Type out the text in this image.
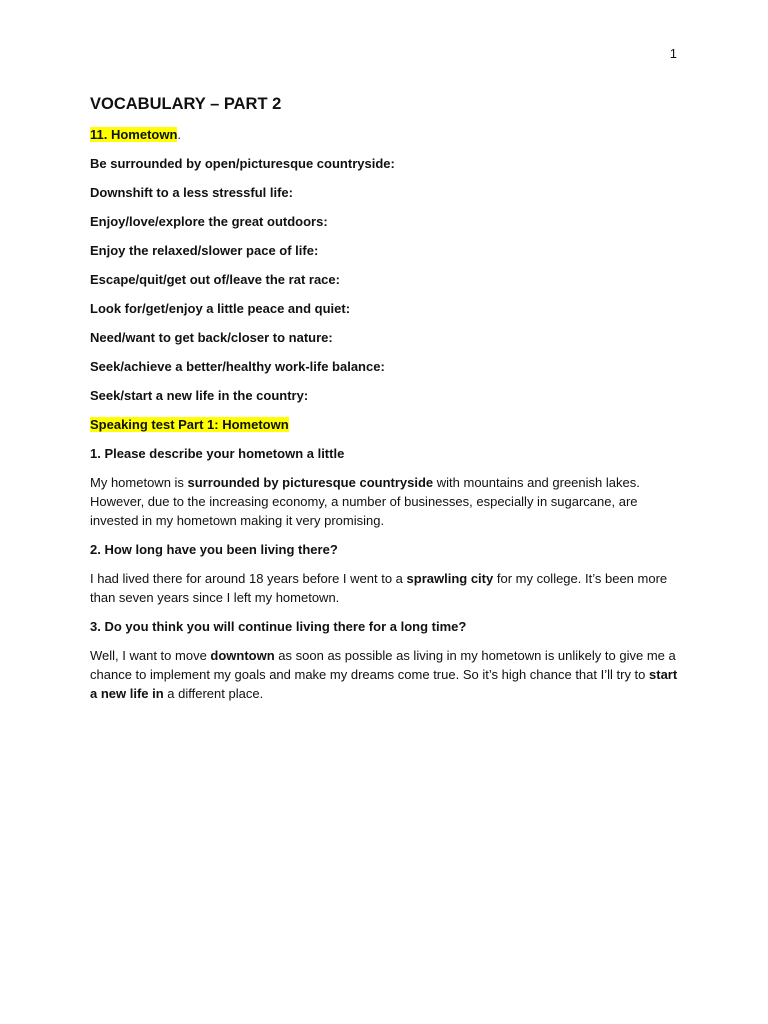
1
VOCABULARY – PART 2
11. Hometown.
Be surrounded by open/picturesque countryside:
Downshift to a less stressful life:
Enjoy/love/explore the great outdoors:
Enjoy the relaxed/slower pace of life:
Escape/quit/get out of/leave the rat race:
Look for/get/enjoy a little peace and quiet:
Need/want to get back/closer to nature:
Seek/achieve a better/healthy work-life balance:
Seek/start a new life in the country:
Speaking test Part 1: Hometown
1. Please describe your hometown a little
My hometown is surrounded by picturesque countryside with mountains and greenish lakes. However, due to the increasing economy, a number of businesses, especially in sugarcane, are invested in my hometown making it very promising.
2. How long have you been living there?
I had lived there for around 18 years before I went to a sprawling city for my college. It’s been more than seven years since I left my hometown.
3. Do you think you will continue living there for a long time?
Well, I want to move downtown as soon as possible as living in my hometown is unlikely to give me a chance to implement my goals and make my dreams come true. So it’s high chance that I’ll try to start a new life in a different place.
